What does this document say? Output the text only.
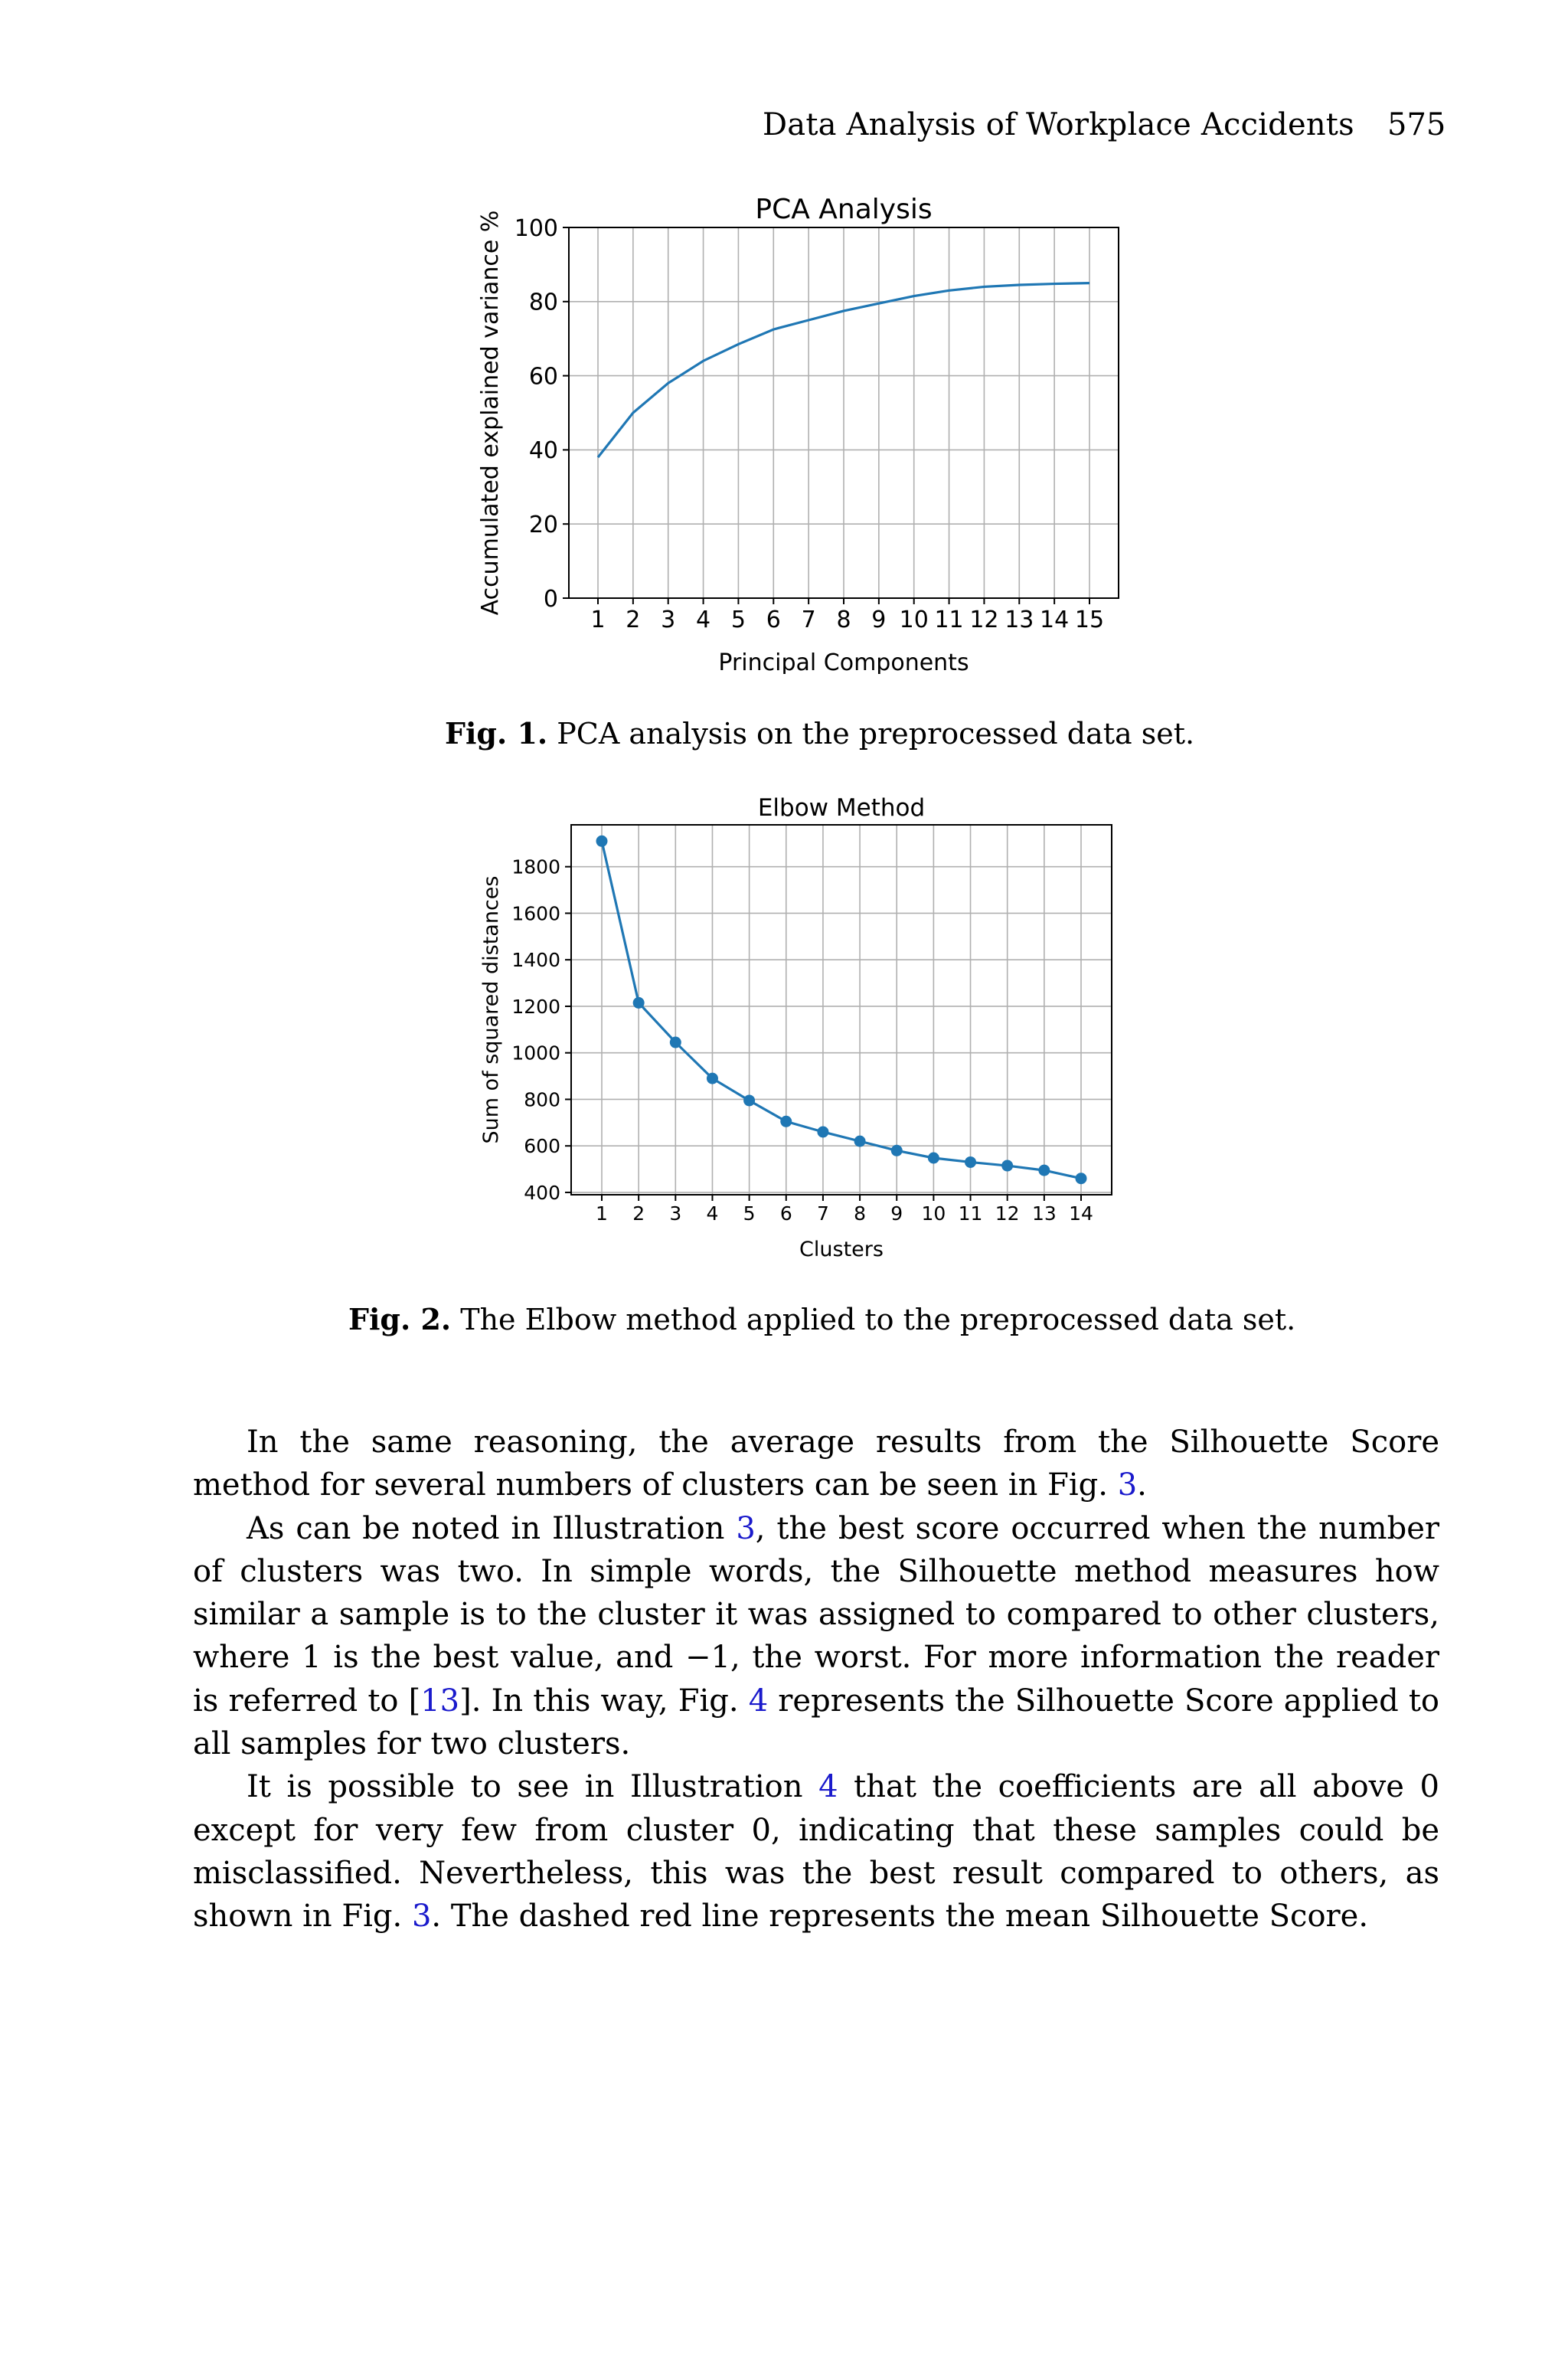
Data Analysis of Workplace Accidents 575
1 2 3 4 5 6 7 8 9 10 11 12 13 14 15
0
20
40
60
80
100
PCA Analysis
Principal Components
Accumulated explained variance %
Fig. 1. PCA analysis on the preprocessed data set.
1 2 3 4 5 6 7 8 9 10 11 12 13 14
400
600
800
1000
1200
1400
1600
1800
Elbow Method
Clusters
Sum of squared distances
Fig. 2. The Elbow method applied to the preprocessed data set.

In the same reasoning, the average results from the Silhouette Score method for several numbers of clusters can be seen in Fig. 3.

As can be noted in Illustration 3, the best score occurred when the number of clusters was two. In simple words, the Silhouette method measures how similar a sample is to the cluster it was assigned to compared to other clusters, where 1 is the best value, and −1, the worst. For more information the reader is referred to [13]. In this way, Fig. 4 represents the Silhouette Score applied to all samples for two clusters.

It is possible to see in Illustration 4 that the coefficients are all above 0 except for very few from cluster 0, indicating that these samples could be misclassified. Nevertheless, this was the best result compared to others, as shown in Fig. 3. The dashed red line represents the mean Silhouette Score.
